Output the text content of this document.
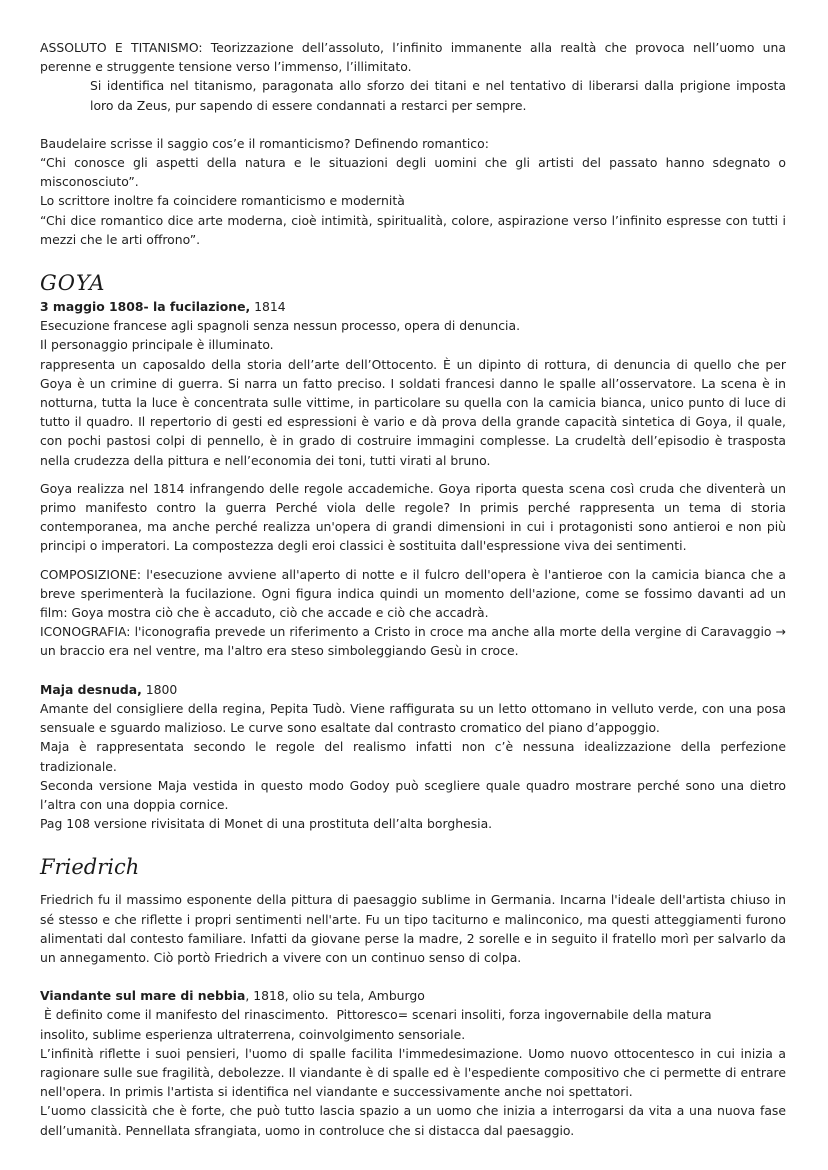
ASSOLUTO E TITANISMO: Teorizzazione dell’assoluto, l’infinito immanente alla realtà che provoca nell’uomo una perenne e struggente tensione verso l’immenso, l’illimitato.

Si identifica nel titanismo, paragonata allo sforzo dei titani e nel tentativo di liberarsi dalla prigione imposta loro da Zeus, pur sapendo di essere condannati a restarci per sempre.

Baudelaire scrisse il saggio cos’e il romanticismo? Definendo romantico:

“Chi conosce gli aspetti della natura e le situazioni degli uomini che gli artisti del passato hanno sdegnato o misconosciuto”.

Lo scrittore inoltre fa coincidere romanticismo e modernità

“Chi dice romantico dice arte moderna, cioè intimità, spiritualità, colore, aspirazione verso l’infinito espresse con tutti i mezzi che le arti offrono”.

GOYA

3 maggio 1808- la fucilazione, 1814

Esecuzione francese agli spagnoli senza nessun processo, opera di denuncia.

Il personaggio principale è illuminato.

rappresenta un caposaldo della storia dell’arte dell’Ottocento. È un dipinto di rottura, di denuncia di quello che per Goya è un crimine di guerra. Si narra un fatto preciso. I soldati francesi danno le spalle all’osservatore. La scena è in notturna, tutta la luce è concentrata sulle vittime, in particolare su quella con la camicia bianca, unico punto di luce di tutto il quadro. Il repertorio di gesti ed espressioni è vario e dà prova della grande capacità sintetica di Goya, il quale, con pochi pastosi colpi di pennello, è in grado di costruire immagini complesse. La crudeltà dell’episodio è trasposta nella crudezza della pittura e nell’economia dei toni, tutti virati al bruno.

Goya realizza nel 1814 infrangendo delle regole accademiche. Goya riporta questa scena così cruda che diventerà un primo manifesto contro la guerra Perché viola delle regole? In primis perché rappresenta un tema di storia contemporanea, ma anche perché realizza un'opera di grandi dimensioni in cui i protagonisti sono antieroi e non più principi o imperatori. La compostezza degli eroi classici è sostituita dall'espressione viva dei sentimenti.

COMPOSIZIONE: l'esecuzione avviene all'aperto di notte e il fulcro dell'opera è l'antieroe con la camicia bianca che a breve sperimenterà la fucilazione. Ogni figura indica quindi un momento dell'azione, come se fossimo davanti ad un film: Goya mostra ciò che è accaduto, ciò che accade e ciò che accadrà.

ICONOGRAFIA: l'iconografia prevede un riferimento a Cristo in croce ma anche alla morte della vergine di Caravaggio → un braccio era nel ventre, ma l'altro era steso simboleggiando Gesù in croce.

Maja desnuda, 1800

Amante del consigliere della regina, Pepita Tudò. Viene raffigurata su un letto ottomano in velluto verde, con una posa sensuale e sguardo malizioso. Le curve sono esaltate dal contrasto cromatico del piano d’appoggio.

Maja è rappresentata secondo le regole del realismo infatti non c’è nessuna idealizzazione della perfezione tradizionale.

Seconda versione Maja vestida in questo modo Godoy può scegliere quale quadro mostrare perché sono una dietro l’altra con una doppia cornice.

Pag 108 versione rivisitata di Monet di una prostituta dell’alta borghesia.

Friedrich

Friedrich fu il massimo esponente della pittura di paesaggio sublime in Germania. Incarna l'ideale dell'artista chiuso in sé stesso e che riflette i propri sentimenti nell'arte. Fu un tipo taciturno e malinconico, ma questi atteggiamenti furono alimentati dal contesto familiare. Infatti da giovane perse la madre, 2 sorelle e in seguito il fratello morì per salvarlo da un annegamento. Ciò portò Friedrich a vivere con un continuo senso di colpa.

Viandante sul mare di nebbia, 1818, olio su tela, Amburgo

È definito come il manifesto del rinascimento.  Pittoresco= scenari insoliti, forza ingovernabile della matura

insolito, sublime esperienza ultraterrena, coinvolgimento sensoriale.

L’infinità riflette i suoi pensieri, l'uomo di spalle facilita l'immedesimazione. Uomo nuovo ottocentesco in cui inizia a ragionare sulle sue fragilità, debolezze. Il viandante è di spalle ed è l'espediente compositivo che ci permette di entrare nell'opera. In primis l'artista si identifica nel viandante e successivamente anche noi spettatori.

L’uomo classicità che è forte, che può tutto lascia spazio a un uomo che inizia a interrogarsi da vita a una nuova fase dell’umanità. Pennellata sfrangiata, uomo in controluce che si distacca dal paesaggio.
